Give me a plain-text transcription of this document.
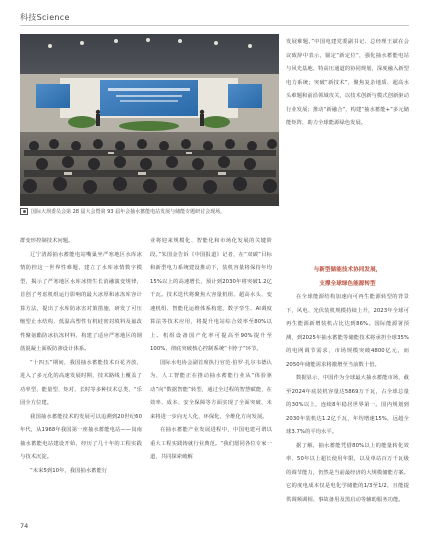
科技Science
国际大坝委员会第 28 届大会暨第 93 届年会抽水蓄能电站发展与储能专题研讨会现场。

群变形控制技术问题。

辽宁清源抽水蓄能电站嘴巢坐严寒地区水库冰情防控这一世界性难题，建立了水库冰情数字模型，揭示了严寒地区水库冰情生长消融演变规律，首创了考虑机组运行影响的最大冰厚和冰冻库容计算方法，提出了水库防冰害对策措施，研发了可压缩型止水结构、低温高塑性有机硅密封填料及氟改性聚氨酯防冰抗冻材料，构建了适应严寒地区的钢筋混凝土面板防渗设计体系。

“十四五”期间，我国抽水蓄能技术百花齐放，进入了多元化的高速发展时期，技术路线上覆盖了功率型、能量型、矩对、长时等多种技术总类，“乐园全方位建。

我国抽水蓄能技术的发展可以追溯到20世纪60年代，从1968年我国第一座抽水蓄能电站——岗南抽水蓄能电站建设开始，经历了几十年的工程实践与技术沉淀。

“未来5到10年，我国抽水蓄能行

业将迎来规模化、智能化和市场化发展的关键阶段。”朱国金告诉《中国报道》记者，在“双碳”目标和新型电力系统建设推动下，装机容量将保持年均15%以上的高速增长，预计到2030年将突破1.2亿千瓦。技术迭代将聚焦大容量机组、超高水头、变速机组、智能化运维体系构建，数字孪生、AI调度算法等技术应用，将提升电站综合效率至80%以上。机组设备国产化率可提高至90%提升至100%，彻底突破核心控制系统“卡脖子”环节。

国际水电协会副首席执行官范·伯罗·扎尔韦德认为，人工智能正在推动抽水蓄能行业从“体验驱动”向“数据智能”转型，通过全过程的智慧赋能，在效率、成本、安全保障等方面实现了全面突破，未来将进一步向无人化、环保化、全维化方向发展。

在抽水蓄能产业发展进程中，中国电建可谓以重大工程实践铸就行业典范。“我们愿同各位专家一道，共同探索破解

发展难题，”中国电建党委副书记、总经理王斌在会议致辞中表示，锚定“新定位”，强化抽水蓄能电站与风光基地、特高压通道的协同规划，深度融入新型电力系统；突破“新技术”，聚焦复杂地质、超高水头难题和前沿领域攻关，以技术创新与模式创新驱动行业发展；推动“新融合”，构建“抽水蓄能+”多元储能矩阵，助力全球能源绿色发展。

与新型储能技术协同发展，
支撑全球绿色能源转型

在全球能源结构加速向可再生能源转型的背景下，风电、光伏装机规模持续上升，2023年全球可再生能源新增装机占比达到86%。国际能源署预测，到2025年抽水蓄能等储能技术将承担全球35%的电网调节需求，市场规模突破4800亿元，而2050年储能需求将激增至当前数十倍。

数据显示，中国作为全球最大抽水蓄能市场，截至2024年底装机容量达5869万千瓦，占全球总量的30%以上，连续8年稳居世界第一。国内规划到2030年装机达1.2亿千瓦，年均增速15%，远超全球3.7%的平均水平。

据了解，抽水蓄能凭借80%以上的能量转化效率、50年以上超长使用年限，以及单站百万千瓦级的调节能力，仍然是当前最经济的大规模储能方案。它的度电成本仅是电化学储能的1/3至1/2，且能提供调频调相、事故备用及黑启动等辅助服务功能。

74
